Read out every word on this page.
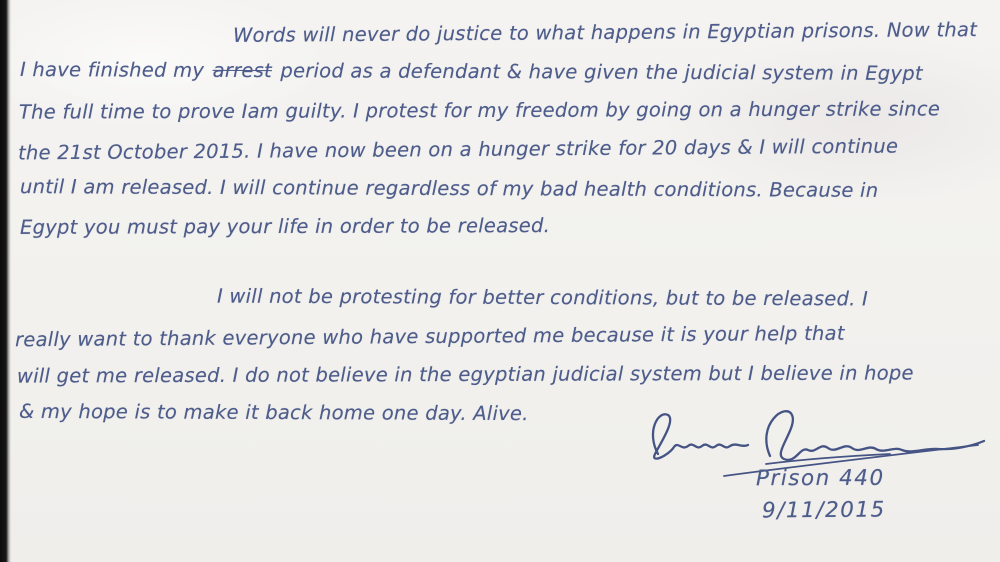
Words will never do justice to what happens in Egyptian prisons. Now that
I have finished my arrest period as a defendant & have given the judicial system in Egypt
The full time to prove Iam guilty. I protest for my freedom by going on a hunger strike since
the 21st October 2015. I have now been on a hunger strike for 20 days & I will continue
until I am released. I will continue regardless of my bad health conditions. Because in
Egypt you must pay your life in order to be released.
I will not be protesting for better conditions, but to be released. I
really want to thank everyone who have supported me because it is your help that
will get me released. I do not believe in the egyptian judicial system but I believe in hope
& my hope is to make it back home one day. Alive.
Prison 440
9/11/2015
